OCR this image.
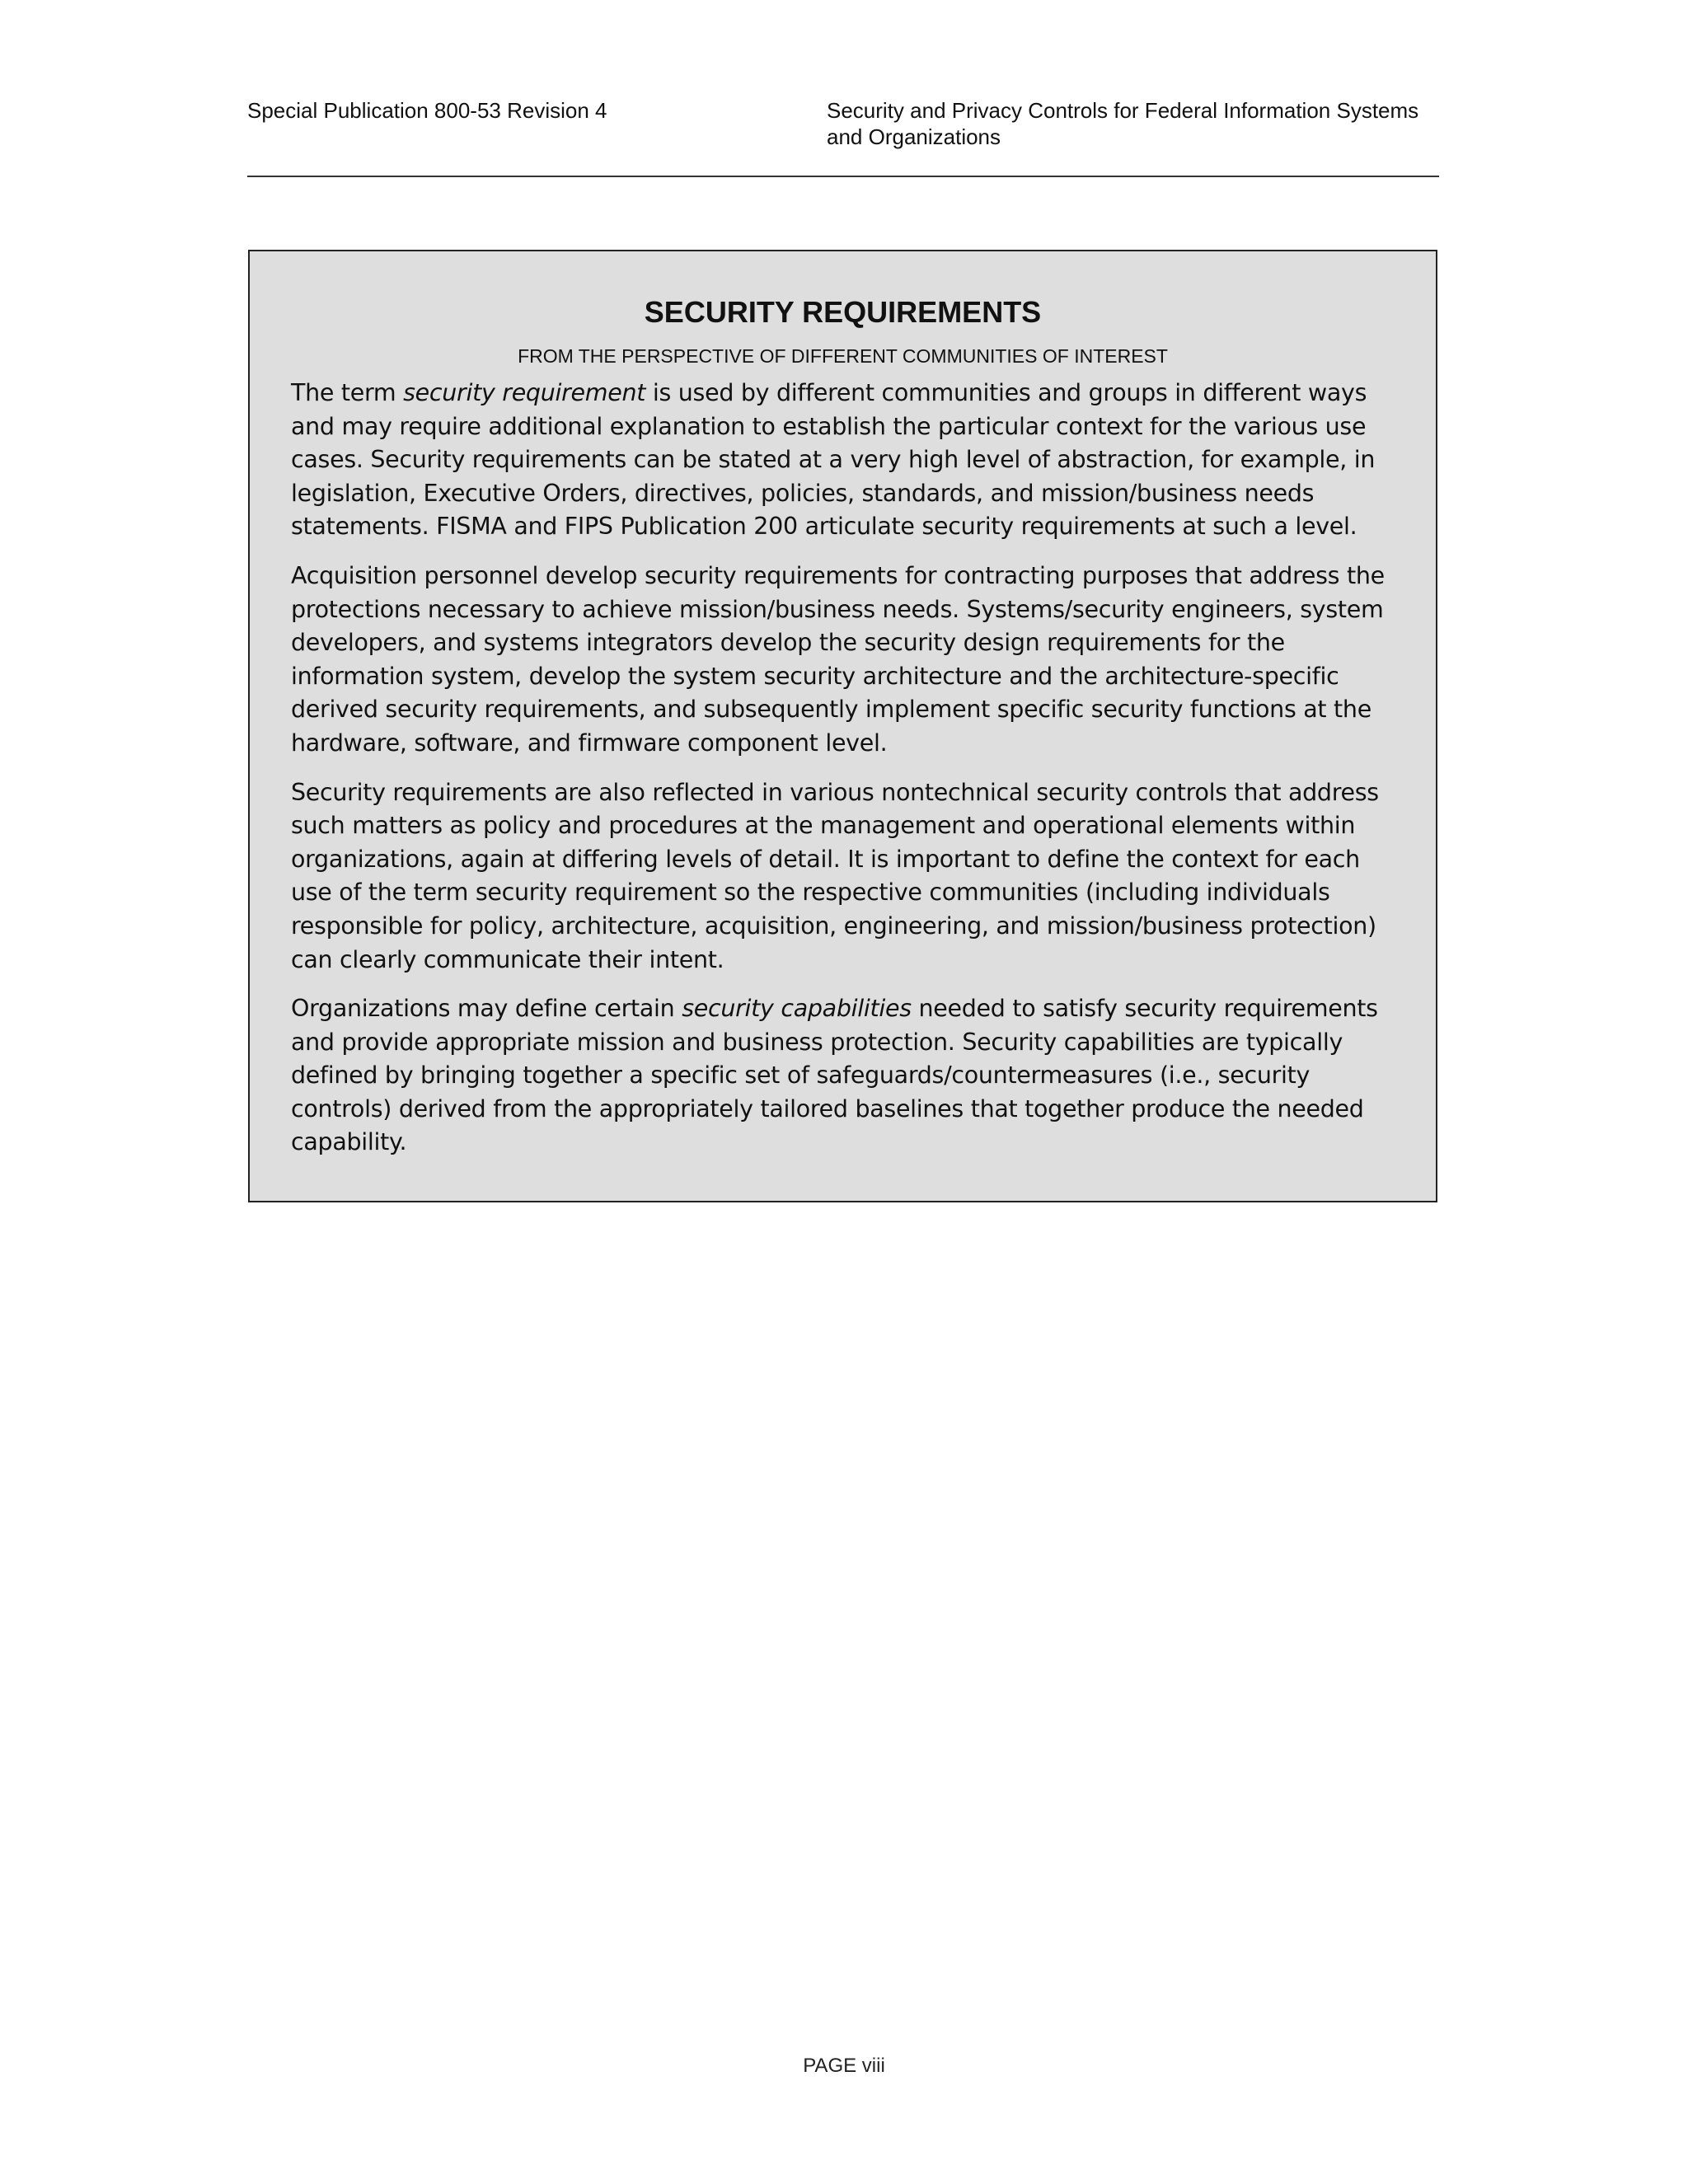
Special Publication 800-53 Revision 4	Security and Privacy Controls for Federal Information Systems and Organizations
SECURITY REQUIREMENTS
FROM THE PERSPECTIVE OF DIFFERENT COMMUNITIES OF INTEREST

The term security requirement is used by different communities and groups in different ways and may require additional explanation to establish the particular context for the various use cases. Security requirements can be stated at a very high level of abstraction, for example, in legislation, Executive Orders, directives, policies, standards, and mission/business needs statements. FISMA and FIPS Publication 200 articulate security requirements at such a level.

Acquisition personnel develop security requirements for contracting purposes that address the protections necessary to achieve mission/business needs. Systems/security engineers, system developers, and systems integrators develop the security design requirements for the information system, develop the system security architecture and the architecture-specific derived security requirements, and subsequently implement specific security functions at the hardware, software, and firmware component level.

Security requirements are also reflected in various nontechnical security controls that address such matters as policy and procedures at the management and operational elements within organizations, again at differing levels of detail. It is important to define the context for each use of the term security requirement so the respective communities (including individuals responsible for policy, architecture, acquisition, engineering, and mission/business protection) can clearly communicate their intent.

Organizations may define certain security capabilities needed to satisfy security requirements and provide appropriate mission and business protection. Security capabilities are typically defined by bringing together a specific set of safeguards/countermeasures (i.e., security controls) derived from the appropriately tailored baselines that together produce the needed capability.

PAGE viii
